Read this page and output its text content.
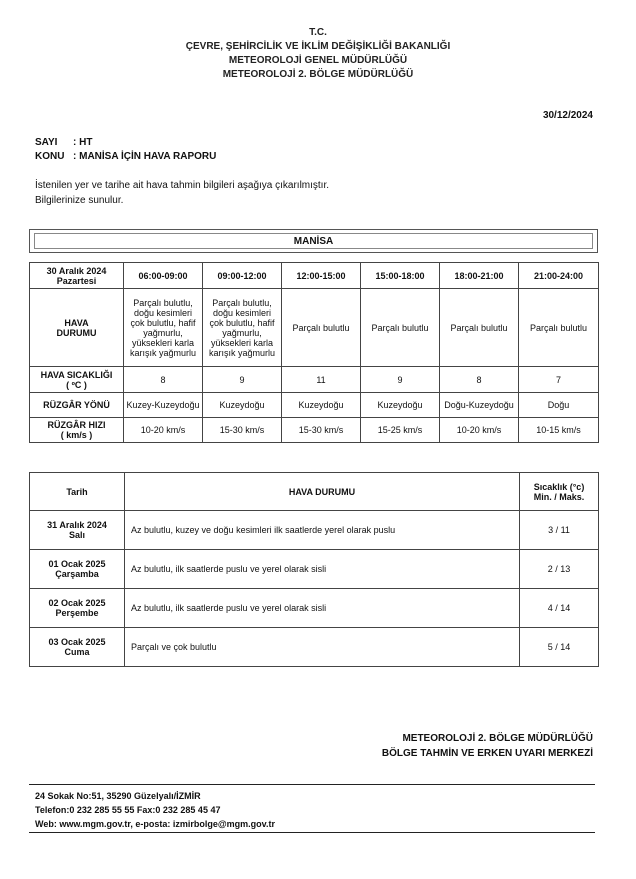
T.C.
ÇEVRE, ŞEHİRCİLİK VE İKLİM DEĞİŞİKLİĞİ BAKANLIĞI
METEOROLOJİ GENEL MÜDÜRLÜĞÜ
METEOROLOJİ 2. BÖLGE MÜDÜRLÜĞÜ
30/12/2024
SAYI : HT
KONU : MANİSA İÇİN HAVA RAPORU
İstenilen yer ve tarihe ait hava tahmin bilgileri aşağıya çıkarılmıştır.
Bilgilerinize sunulur.
MANİSA
30 Aralık 2024
Pazartesi	06:00-09:00	09:00-12:00	12:00-15:00	15:00-18:00	18:00-21:00	21:00-24:00

HAVA
DURUMU	Parçalı bulutlu, doğu kesimleri çok bulutlu, hafif yağmurlu, yüksekleri karla karışık yağmurlu	Parçalı bulutlu, doğu kesimleri çok bulutlu, hafif yağmurlu, yüksekleri karla karışık yağmurlu	Parçalı bulutlu	Parçalı bulutlu	Parçalı bulutlu	Parçalı bulutlu

HAVA SICAKLIĞI
( ºC )	8	9	11	9	8	7
RÜZGÂR YÖNÜ	Kuzey-Kuzeydoğu	Kuzeydoğu	Kuzeydoğu	Kuzeydoğu	Doğu-Kuzeydoğu	Doğu

RÜZGÂR HIZI
( km/s )	10-20 km/s	15-30 km/s	15-30 km/s	15-25 km/s	10-20 km/s	10-15 km/s
Tarih	HAVA DURUMU	Sıcaklık (°c)
Min. / Maks.

31 Aralık 2024
Salı	Az bulutlu, kuzey ve doğu kesimleri ilk saatlerde yerel olarak puslu	3 / 11

01 Ocak 2025
Çarşamba	Az bulutlu, ilk saatlerde puslu ve yerel olarak sisli	2 / 13

02 Ocak 2025
Perşembe	Az bulutlu, ilk saatlerde puslu ve yerel olarak sisli	4 / 14

03 Ocak 2025
Cuma	Parçalı ve çok bulutlu	5 / 14
METEOROLOJİ 2. BÖLGE MÜDÜRLÜĞÜ
BÖLGE TAHMİN VE ERKEN UYARI MERKEZİ
24 Sokak No:51, 35290 Güzelyalı/İZMİR
Telefon:0 232 285 55 55 Fax:0 232 285 45 47
Web: www.mgm.gov.tr, e-posta: izmirbolge@mgm.gov.tr
